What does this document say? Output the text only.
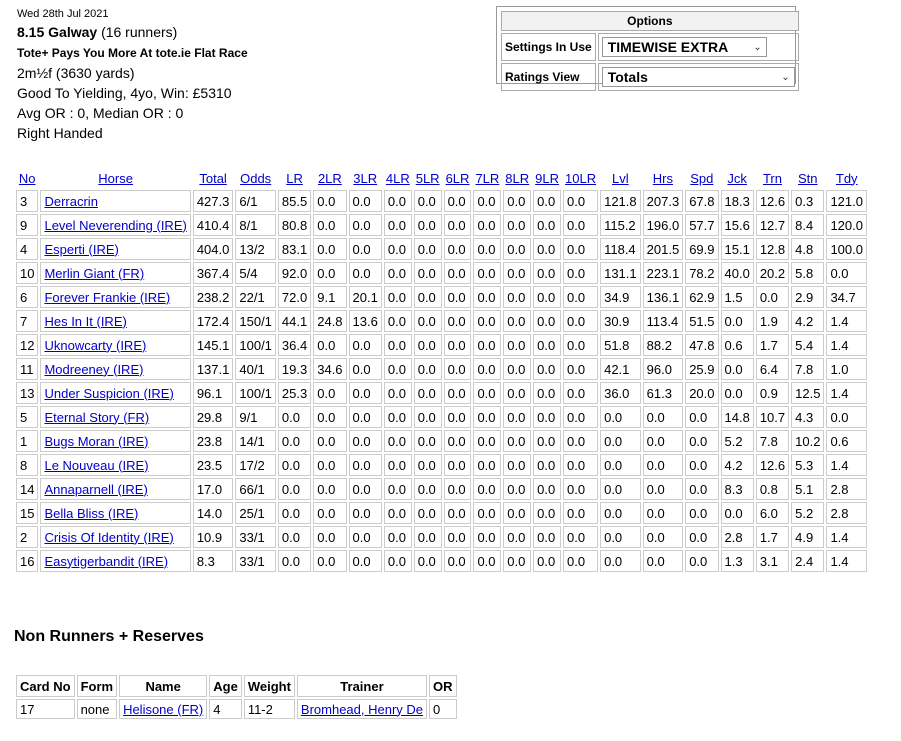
Wed 28th Jul 2021
8.15 Galway (16 runners)
Tote+ Pays You More At tote.ie Flat Race
2m½f (3630 yards)
Good To Yielding, 4yo, Win: £5310
Avg OR : 0, Median OR : 0
Right Handed
Options	
Settings In Use	TIMEWISE EXTRA ⌄

Ratings View	Totals ⌄
No	Horse	Total	Odds	LR	2LR	3LR	4LR	5LR	6LR	7LR	8LR	9LR	10LR	Lvl	Hrs	Spd	Jck	Trn	Stn	Tdy
3	Derracrin	427.3	6/1	85.5	0.0	0.0	0.0	0.0	0.0	0.0	0.0	0.0	0.0	121.8	207.3	67.8	18.3	12.6	0.3	121.0
9	Level Neverending (IRE)	410.4	8/1	80.8	0.0	0.0	0.0	0.0	0.0	0.0	0.0	0.0	0.0	115.2	196.0	57.7	15.6	12.7	8.4	120.0
4	Esperti (IRE)	404.0	13/2	83.1	0.0	0.0	0.0	0.0	0.0	0.0	0.0	0.0	0.0	118.4	201.5	69.9	15.1	12.8	4.8	100.0
10	Merlin Giant (FR)	367.4	5/4	92.0	0.0	0.0	0.0	0.0	0.0	0.0	0.0	0.0	0.0	131.1	223.1	78.2	40.0	20.2	5.8	0.0
6	Forever Frankie (IRE)	238.2	22/1	72.0	9.1	20.1	0.0	0.0	0.0	0.0	0.0	0.0	0.0	34.9	136.1	62.9	1.5	0.0	2.9	34.7
7	Hes In It (IRE)	172.4	150/1	44.1	24.8	13.6	0.0	0.0	0.0	0.0	0.0	0.0	0.0	30.9	113.4	51.5	0.0	1.9	4.2	1.4
12	Uknowcarty (IRE)	145.1	100/1	36.4	0.0	0.0	0.0	0.0	0.0	0.0	0.0	0.0	0.0	51.8	88.2	47.8	0.6	1.7	5.4	1.4
11	Modreeney (IRE)	137.1	40/1	19.3	34.6	0.0	0.0	0.0	0.0	0.0	0.0	0.0	0.0	42.1	96.0	25.9	0.0	6.4	7.8	1.0
13	Under Suspicion (IRE)	96.1	100/1	25.3	0.0	0.0	0.0	0.0	0.0	0.0	0.0	0.0	0.0	36.0	61.3	20.0	0.0	0.9	12.5	1.4
5	Eternal Story (FR)	29.8	9/1	0.0	0.0	0.0	0.0	0.0	0.0	0.0	0.0	0.0	0.0	0.0	0.0	0.0	14.8	10.7	4.3	0.0
1	Bugs Moran (IRE)	23.8	14/1	0.0	0.0	0.0	0.0	0.0	0.0	0.0	0.0	0.0	0.0	0.0	0.0	0.0	5.2	7.8	10.2	0.6
8	Le Nouveau (IRE)	23.5	17/2	0.0	0.0	0.0	0.0	0.0	0.0	0.0	0.0	0.0	0.0	0.0	0.0	0.0	4.2	12.6	5.3	1.4
14	Annaparnell (IRE)	17.0	66/1	0.0	0.0	0.0	0.0	0.0	0.0	0.0	0.0	0.0	0.0	0.0	0.0	0.0	8.3	0.8	5.1	2.8
15	Bella Bliss (IRE)	14.0	25/1	0.0	0.0	0.0	0.0	0.0	0.0	0.0	0.0	0.0	0.0	0.0	0.0	0.0	0.0	6.0	5.2	2.8
2	Crisis Of Identity (IRE)	10.9	33/1	0.0	0.0	0.0	0.0	0.0	0.0	0.0	0.0	0.0	0.0	0.0	0.0	0.0	2.8	1.7	4.9	1.4
16	Easytigerbandit (IRE)	8.3	33/1	0.0	0.0	0.0	0.0	0.0	0.0	0.0	0.0	0.0	0.0	0.0	0.0	0.0	1.3	3.1	2.4	1.4
Non Runners + Reserves
Card No	Form	Name	Age	Weight	Trainer	OR
17	none	Helisone (FR)	4	11-2	Bromhead, Henry De	0
